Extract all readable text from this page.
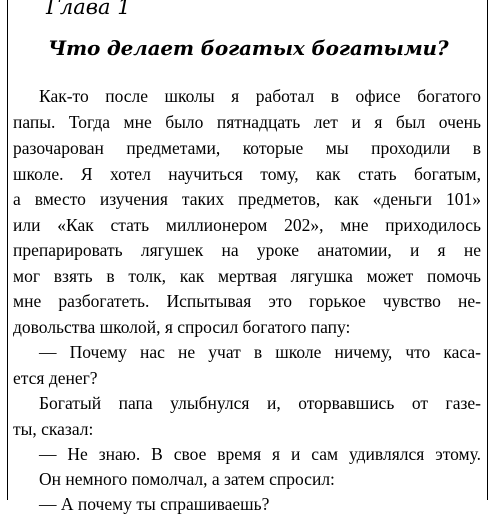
Глава 1
Что делает богатых богатыми?
Как-то после школы я работал в офисе богатого
папы. Тогда мне было пятнадцать лет и я был очень
разочарован предметами, которые мы проходили в
школе. Я хотел научиться тому, как стать богатым,
а вместо изучения таких предметов, как «деньги 101»
или «Как стать миллионером 202», мне приходилось
препарировать лягушек на уроке анатомии, и я не
мог взять в толк, как мертвая лягушка может помочь
мне разбогатеть. Испытывая это горькое чувство не-
довольства школой, я спросил богатого папу:
— Почему нас не учат в школе ничему, что каса-
ется денег?
Богатый папа улыбнулся и, оторвавшись от газе-
ты, сказал:
— Не знаю. В свое время я и сам удивлялся этому.
Он немного помолчал, а затем спросил:
— А почему ты спрашиваешь?
